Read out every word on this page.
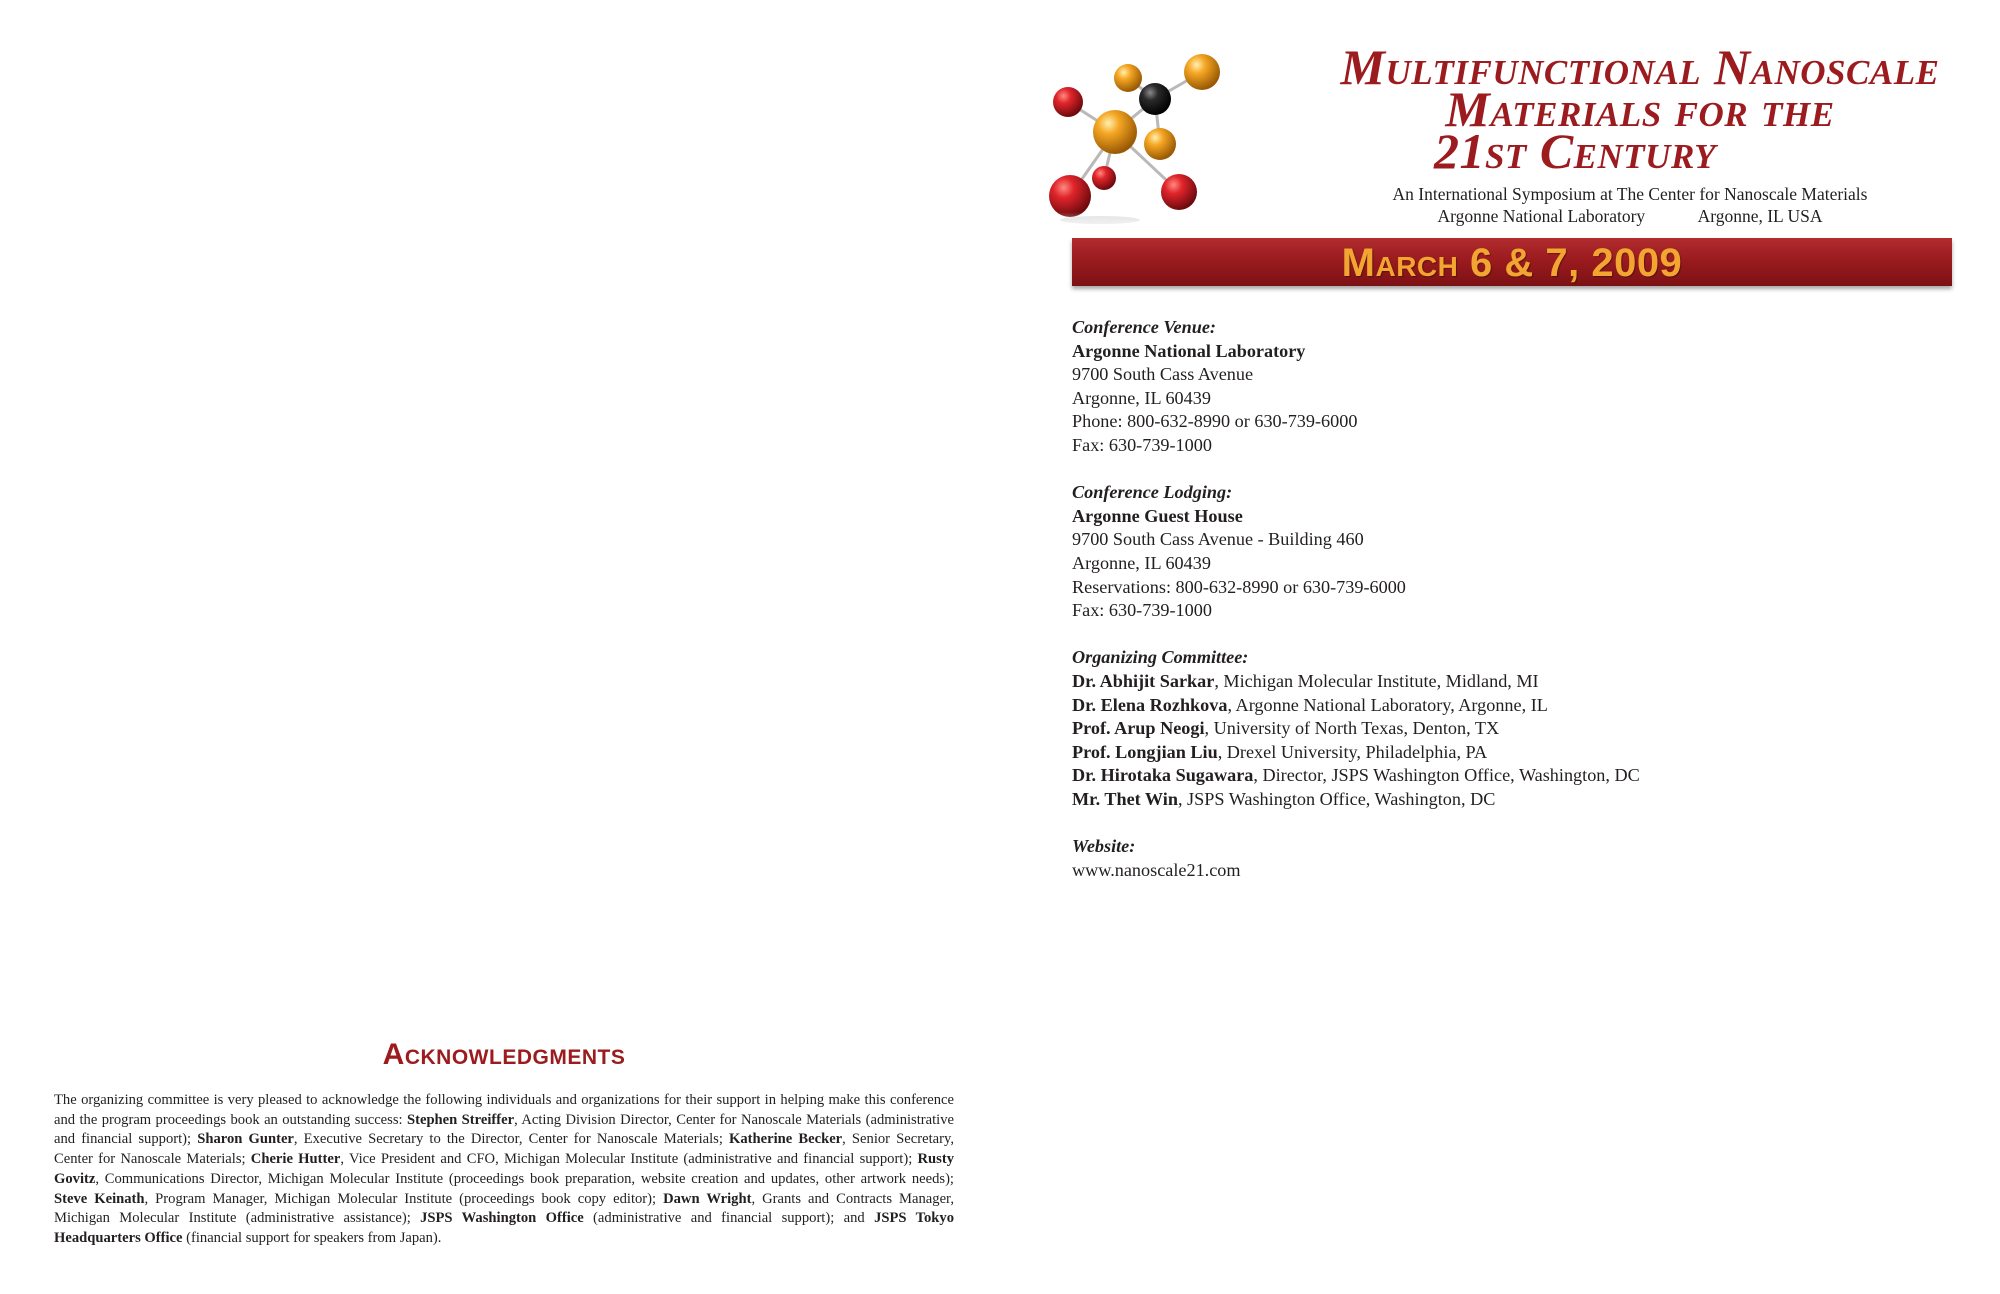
Multifunctional Nanoscale
Materials for the
21st Century
An International Symposium at The Center for Nanoscale Materials
Argonne National Laboratory	Argonne, IL USA
March 6 & 7, 2009
Conference Venue:
Argonne National Laboratory
9700 South Cass Avenue
Argonne, IL 60439
Phone: 800-632-8990 or 630-739-6000
Fax: 630-739-1000
Conference Lodging:
Argonne Guest House
9700 South Cass Avenue - Building 460
Argonne, IL 60439
Reservations: 800-632-8990 or 630-739-6000
Fax: 630-739-1000
Organizing Committee:
Dr. Abhijit Sarkar, Michigan Molecular Institute, Midland, MI
Dr. Elena Rozhkova, Argonne National Laboratory, Argonne, IL
Prof. Arup Neogi, University of North Texas, Denton, TX
Prof. Longjian Liu, Drexel University, Philadelphia, PA
Dr. Hirotaka Sugawara, Director, JSPS Washington Office, Washington, DC
Mr. Thet Win, JSPS Washington Office, Washington, DC
Website:
www.nanoscale21.com
Acknowledgments
The organizing committee is very pleased to acknowledge the following individuals and organizations for their support in helping make this conference and the program proceedings book an outstanding success: Stephen Streiffer, Acting Division Director, Center for Nanoscale Materials (administrative and financial support); Sharon Gunter, Executive Secretary to the Director, Center for Nanoscale Materials; Katherine Becker, Senior Secretary, Center for Nanoscale Materials; Cherie Hutter, Vice President and CFO, Michigan Molecular Institute (administrative and financial support); Rusty Govitz, Communications Director, Michigan Molecular Institute (proceedings book preparation, website creation and updates, other artwork needs); Steve Keinath, Program Manager, Michigan Molecular Institute (proceedings book copy editor); Dawn Wright, Grants and Contracts Manager, Michigan Molecular Institute (administrative assistance); JSPS Washington Office (administrative and financial support); and JSPS Tokyo Headquarters Office (financial support for speakers from Japan).
